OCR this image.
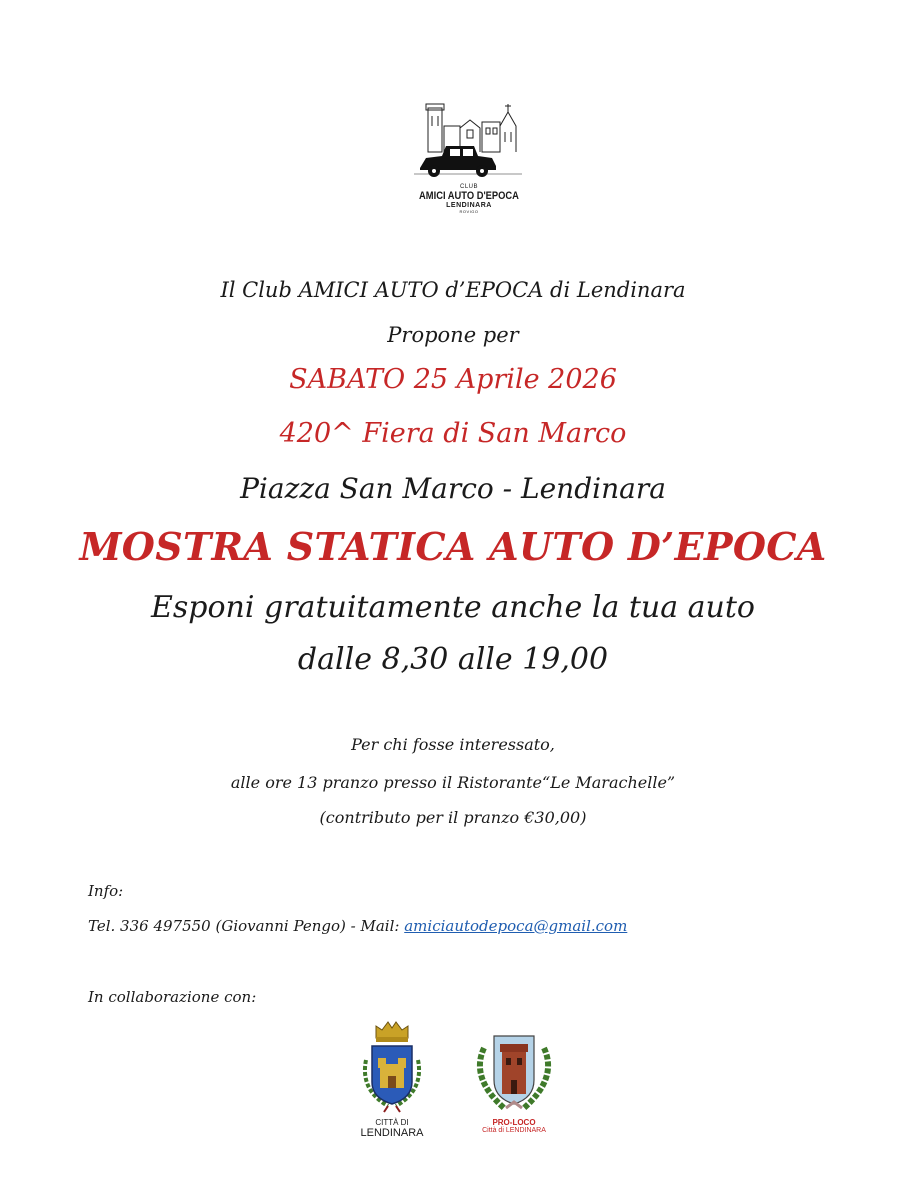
CLUB
AMICI AUTO D'EPOCA
LENDINARA
ROVIGO
Il Club AMICI AUTO d’EPOCA di Lendinara
Propone per
SABATO 25 Aprile 2026
420^ Fiera di San Marco
Piazza San Marco - Lendinara
MOSTRA STATICA AUTO D’EPOCA
Esponi gratuitamente anche la tua auto
dalle 8,30 alle 19,00
Per chi fosse interessato,
alle ore 13 pranzo presso il Ristorante“Le Marachelle”
(contributo per il pranzo €30,00)
Info:
Tel. 336 497550 (Giovanni Pengo) - Mail: amiciautodepoca@gmail.com
In collaborazione con:
CITTÀ DI
LENDINARA
PRO-LOCO
Città di LENDINARA
